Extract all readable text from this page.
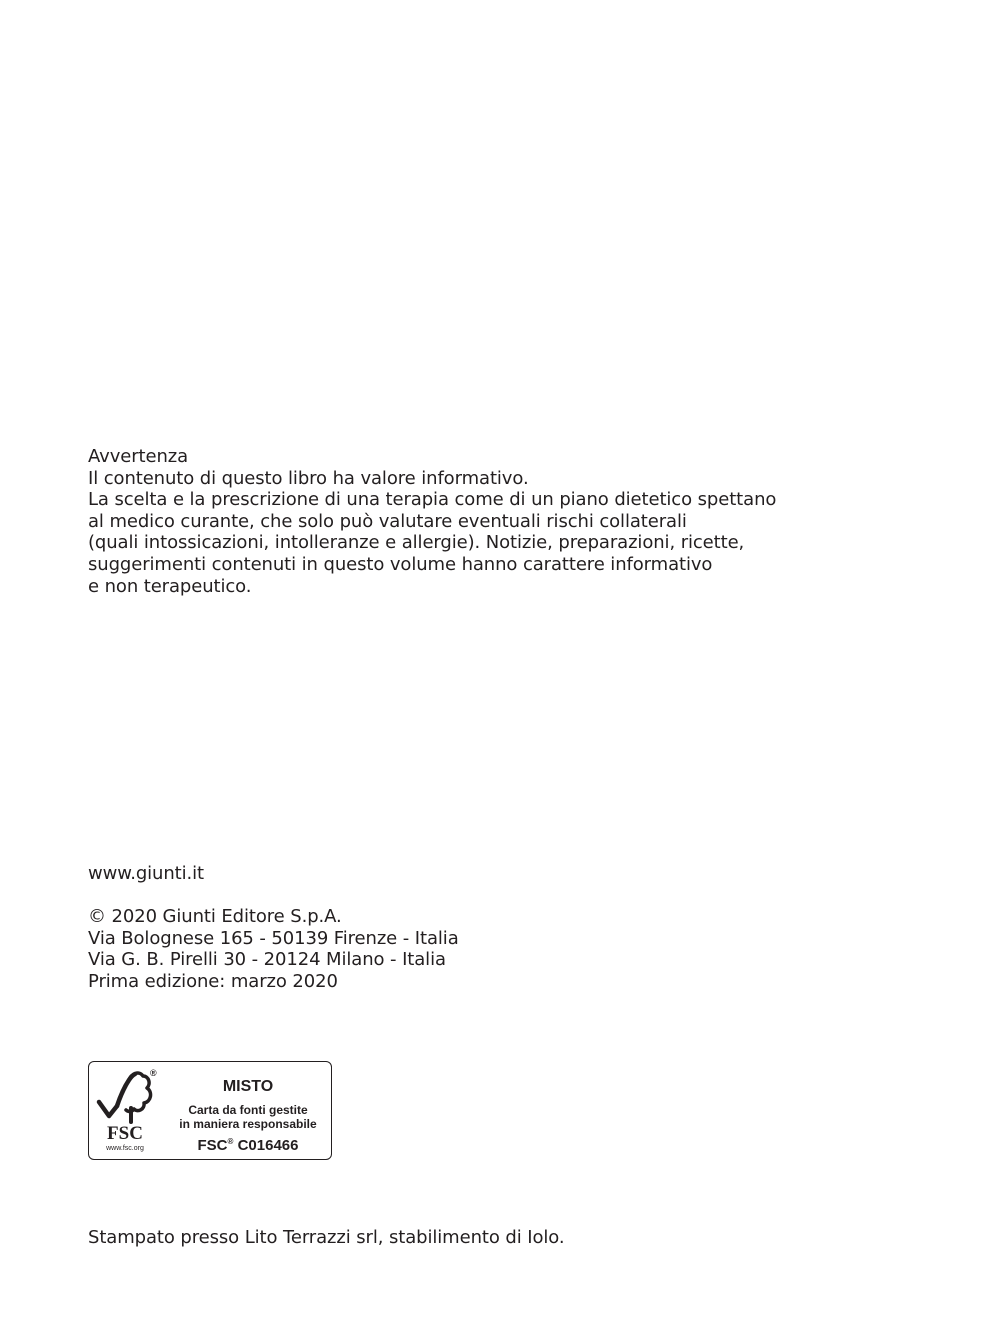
Avvertenza
Il contenuto di questo libro ha valore informativo.
La scelta e la prescrizione di una terapia come di un piano dietetico spettano
al medico curante, che solo può valutare eventuali rischi collaterali
(quali intossicazioni, intolleranze e allergie). Notizie, preparazioni, ricette,
suggerimenti contenuti in questo volume hanno carattere informativo
e non terapeutico.
www.giunti.it
© 2020 Giunti Editore S.p.A.
Via Bolognese 165 - 50139 Firenze - Italia
Via G. B. Pirelli 30 - 20124 Milano - Italia
Prima edizione: marzo 2020
®
FSC
www.fsc.org
MISTO
Carta da fonti gestite
in maniera responsabile
FSC® C016466
Stampato presso Lito Terrazzi srl, stabilimento di Iolo.
